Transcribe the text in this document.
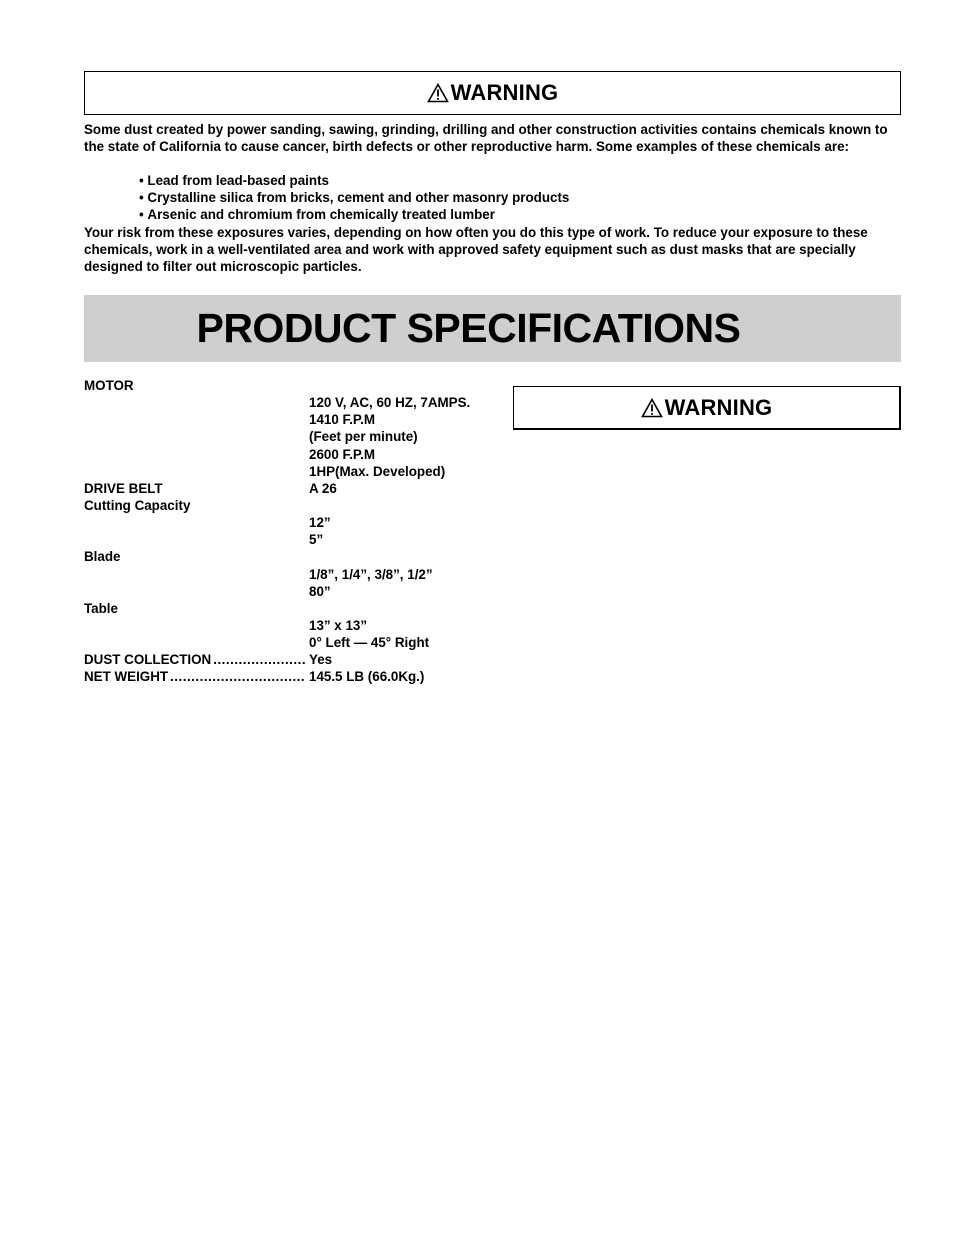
WARNING
Some dust created by power sanding, sawing, grinding, drilling and other construction activities contains chemicals known to the state of California to cause cancer, birth defects or other reproductive harm. Some examples of these chemicals are:
• Lead from lead-based paints
• Crystalline silica from bricks, cement and other masonry products
• Arsenic and chromium from chemically treated lumber
Your risk from these exposures varies, depending on how often you do this type of work. To reduce your exposure to these chemicals, work in a well-ventilated area and work with approved safety equipment such as dust masks that are specially designed to filter out microscopic particles.
PRODUCT SPECIFICATIONS
MOTOR
120 V, AC, 60 HZ, 7AMPS.
1410 F.P.M
(Feet per minute)
2600 F.P.M
1HP(Max. Developed)
DRIVE BELT	A 26
Cutting Capacity
12”
5”
Blade
1/8”, 1/4”, 3/8”, 1/2”
80”
Table
13” x 13”
0° Left — 45° Right
DUST COLLECTION .....	Yes
NET WEIGHT .....	145.5 LB (66.0Kg.)
WARNING
